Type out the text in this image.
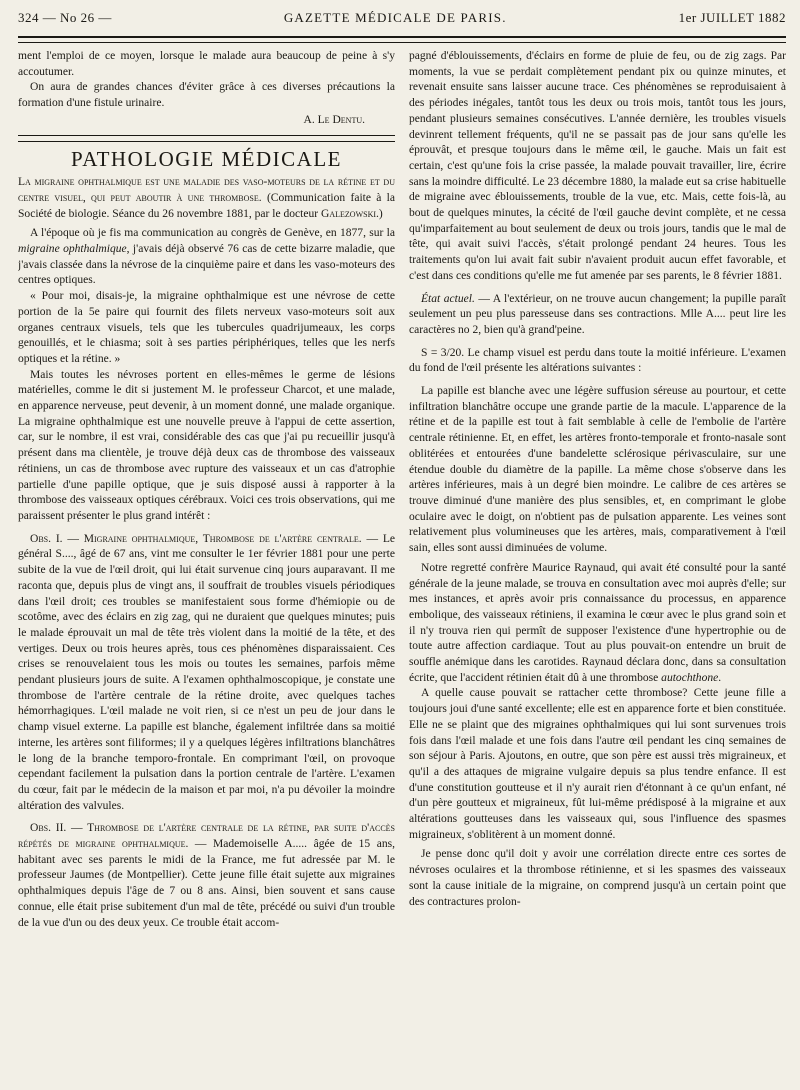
324 — No 26 —	GAZETTE MÉDICALE DE PARIS.	1er JUILLET 1882

ment l'emploi de ce moyen, lorsque le malade aura beaucoup de peine à s'y accoutumer.

On aura de grandes chances d'éviter grâce à ces diverses précautions la formation d'une fistule urinaire.

A. Le Dentu.
PATHOLOGIE MÉDICALE

La migraine ophthalmique est une maladie des vaso-moteurs de la rétine et du centre visuel, qui peut aboutir à une thrombose. (Communication faite à la Société de biologie. Séance du 26 novembre 1881, par le docteur Galezowski.)

A l'époque où je fis ma communication au congrès de Genève, en 1877, sur la migraine ophthalmique, j'avais déjà observé 76 cas de cette bizarre maladie, que j'avais classée dans la névrose de la cinquième paire et dans les vaso-moteurs des centres optiques.

« Pour moi, disais-je, la migraine ophthalmique est une névrose de cette portion de la 5e paire qui fournit des filets nerveux vaso-moteurs soit aux organes centraux visuels, tels que les tubercules quadrijumeaux, les corps genouillés, et le chiasma; soit à ses parties périphériques, telles que les nerfs optiques et la rétine. »

Mais toutes les névroses portent en elles-mêmes le germe de lésions matérielles, comme le dit si justement M. le professeur Charcot, et une malade, en apparence nerveuse, peut devenir, à un moment donné, une malade organique. La migraine ophthalmique est une nouvelle preuve à l'appui de cette assertion, car, sur le nombre, il est vrai, considérable des cas que j'ai pu recueillir jusqu'à présent dans ma clientèle, je trouve déjà deux cas de thrombose des vaisseaux rétiniens, un cas de thrombose avec rupture des vaisseaux et un cas d'atrophie partielle d'une papille optique, que je suis disposé aussi à rapporter à la thrombose des vaisseaux optiques cérébraux. Voici ces trois observations, qui me paraissent présenter le plus grand intérêt :

Obs. I. — Migraine ophthalmique, Thrombose de l'artère centrale. — Le général S...., âgé de 67 ans, vint me consulter le 1er février 1881 pour une perte subite de la vue de l'œil droit, qui lui était survenue cinq jours auparavant. Il me raconta que, depuis plus de vingt ans, il souffrait de troubles visuels périodiques dans l'œil droit; ces troubles se manifestaient sous forme d'hémiopie ou de scotôme, avec des éclairs en zig zag, qui ne duraient que quelques minutes; puis le malade éprouvait un mal de tête très violent dans la moitié de la tête, et des vertiges. Deux ou trois heures après, tous ces phénomènes disparaissaient. Ces crises se renouvelaient tous les mois ou toutes les semaines, parfois même pendant plusieurs jours de suite. A l'examen ophthalmoscopique, je constate une thrombose de l'artère centrale de la rétine droite, avec quelques taches hémorrhagiques. L'œil malade ne voit rien, si ce n'est un peu de jour dans le champ visuel externe. La papille est blanche, également infiltrée dans sa moitié interne, les artères sont filiformes; il y a quelques légères infiltrations blanchâtres le long de la branche temporo-frontale. En comprimant l'œil, on provoque cependant facilement la pulsation dans la portion centrale de l'artère. L'examen du cœur, fait par le médecin de la maison et par moi, n'a pu dévoiler la moindre altération des valvules.

Obs. II. — Thrombose de l'artère centrale de la rétine, par suite d'accès répétés de migraine ophthalmique. — Mademoiselle A..... âgée de 15 ans, habitant avec ses parents le midi de la France, me fut adressée par M. le professeur Jaumes (de Montpellier). Cette jeune fille était sujette aux migraines ophthalmiques depuis l'âge de 7 ou 8 ans. Ainsi, bien souvent et sans cause connue, elle était prise subitement d'un mal de tête, précédé ou suivi d'un trouble de la vue d'un ou des deux yeux. Ce trouble était accom-

pagné d'éblouissements, d'éclairs en forme de pluie de feu, ou de zig zags. Par moments, la vue se perdait complètement pendant pix ou quinze minutes, et revenait ensuite sans laisser aucune trace. Ces phénomènes se reproduisaient à des périodes inégales, tantôt tous les deux ou trois mois, tantôt tous les jours, pendant plusieurs semaines consécutives. L'année dernière, les troubles visuels devinrent tellement fréquents, qu'il ne se passait pas de jour sans qu'elle les éprouvât, et presque toujours dans le même œil, le gauche. Mais un fait est certain, c'est qu'une fois la crise passée, la malade pouvait travailler, lire, écrire sans la moindre difficulté. Le 23 décembre 1880, la malade eut sa crise habituelle de migraine avec éblouissements, trouble de la vue, etc. Mais, cette fois-là, au bout de quelques minutes, la cécité de l'œil gauche devint complète, et ne cessa qu'imparfaitement au bout seulement de deux ou trois jours, tandis que le mal de tête, qui avait suivi l'accès, s'était prolongé pendant 24 heures. Tous les traitements qu'on lui avait fait subir n'avaient produit aucun effet favorable, et c'est dans ces conditions qu'elle me fut amenée par ses parents, le 8 février 1881.

État actuel. — A l'extérieur, on ne trouve aucun changement; la pupille paraît seulement un peu plus paresseuse dans ses contractions. Mlle A.... peut lire les caractères no 2, bien qu'à grand'peine.

S = 3/20. Le champ visuel est perdu dans toute la moitié inférieure. L'examen du fond de l'œil présente les altérations suivantes :

La papille est blanche avec une légère suffusion séreuse au pourtour, et cette infiltration blanchâtre occupe une grande partie de la macule. L'apparence de la rétine et de la papille est tout à fait semblable à celle de l'embolie de l'artère centrale rétinienne. Et, en effet, les artères fronto-temporale et fronto-nasale sont oblitérées et entourées d'une bandelette sclérosique périvasculaire, sur une étendue double du diamètre de la papille. La même chose s'observe dans les artères inférieures, mais à un degré bien moindre. Le calibre de ces artères se trouve diminué d'une manière des plus sensibles, et, en comprimant le globe oculaire avec le doigt, on n'obtient pas de pulsation apparente. Les veines sont relativement plus volumineuses que les artères, mais, comparativement à l'œil sain, elles sont aussi diminuées de volume.

Notre regretté confrère Maurice Raynaud, qui avait été consulté pour la santé générale de la jeune malade, se trouva en consultation avec moi auprès d'elle; sur mes instances, et après avoir pris connaissance du processus, en apparence embolique, des vaisseaux rétiniens, il examina le cœur avec le plus grand soin et il n'y trouva rien qui permît de supposer l'existence d'une hypertrophie ou de toute autre affection cardiaque. Tout au plus pouvait-on entendre un bruit de souffle anémique dans les carotides. Raynaud déclara donc, dans sa consultation écrite, que l'accident rétinien était dû à une thrombose autochthone.

A quelle cause pouvait se rattacher cette thrombose? Cette jeune fille a toujours joui d'une santé excellente; elle est en apparence forte et bien constituée. Elle ne se plaint que des migraines ophthalmiques qui lui sont survenues trois fois dans l'œil malade et une fois dans l'autre œil pendant les cinq semaines de son séjour à Paris. Ajoutons, en outre, que son père est aussi très migraineux, et qu'il a des attaques de migraine vulgaire depuis sa plus tendre enfance. Il est d'une constitution goutteuse et il n'y aurait rien d'étonnant à ce qu'un enfant, né d'un père goutteux et migraineux, fût lui-même prédisposé à la migraine et aux altérations goutteuses dans les vaisseaux qui, sous l'influence des spasmes migraineux, s'oblitèrent à un moment donné.

Je pense donc qu'il doit y avoir une corrélation directe entre ces sortes de névroses oculaires et la thrombose rétinienne, et si les spasmes des vaisseaux sont la cause initiale de la migraine, on comprend jusqu'à un certain point que des contractures prolon-
